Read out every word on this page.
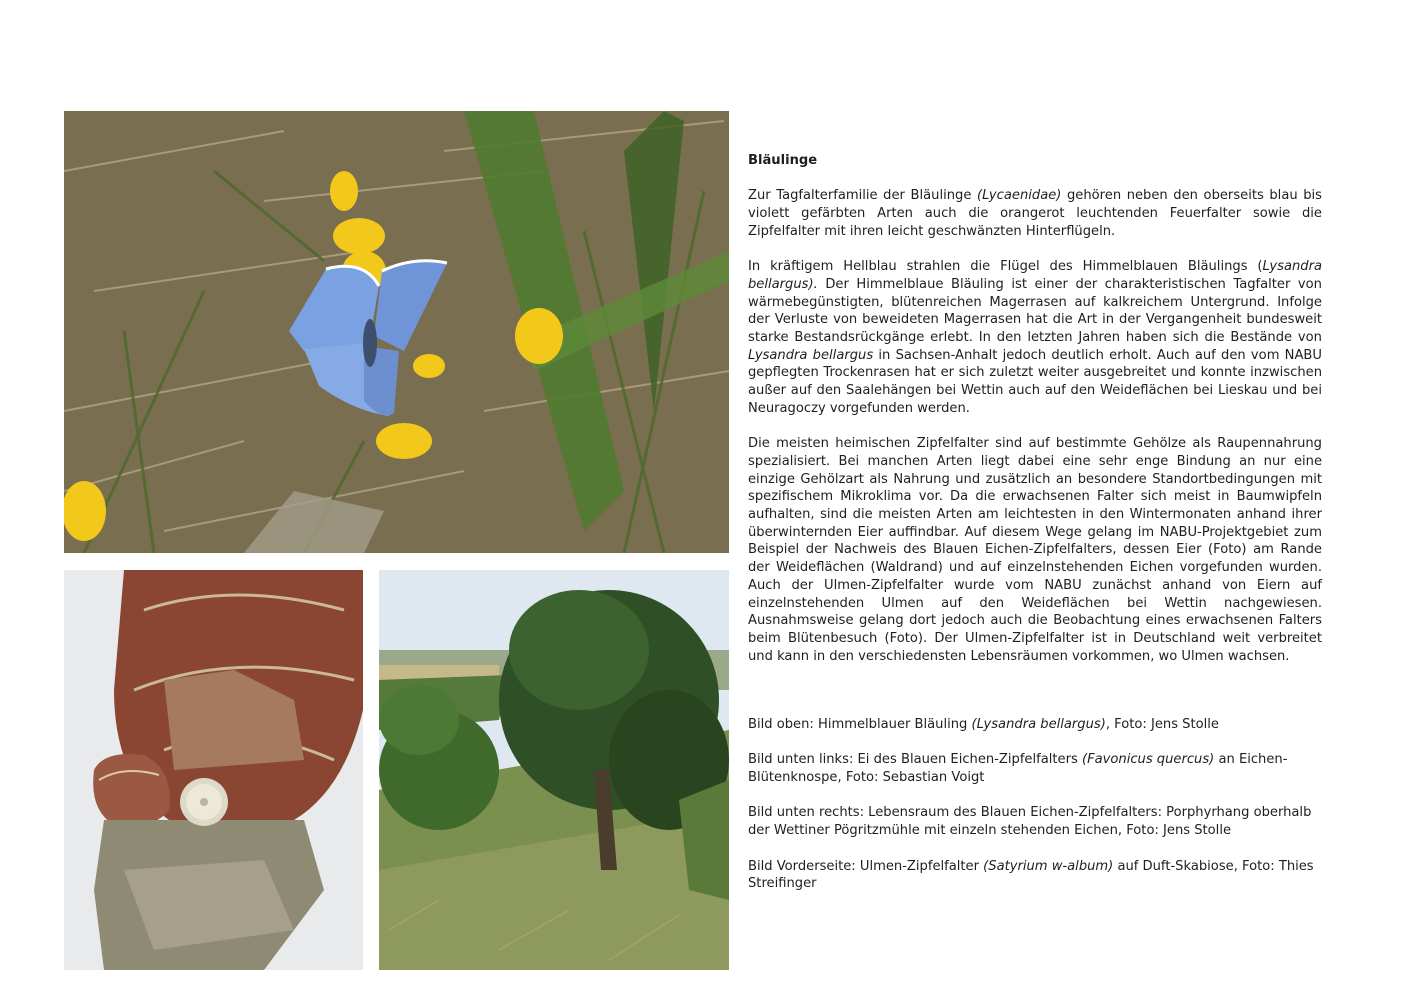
Bläulinge

Zur Tagfalterfamilie der Bläulinge (Lycaenidae) gehören neben den oberseits blau bis violett gefärbten Arten auch die orangerot leuchtenden Feuerfalter sowie die Zipfelfalter mit ihren leicht geschwänzten Hinterflügeln.

In kräftigem Hellblau strahlen die Flügel des Himmelblauen Bläulings (Lysandra bellargus). Der Himmelblaue Bläuling ist einer der charakteristischen Tagfalter von wärmebegünstigten, blütenreichen Magerrasen auf kalkreichem Untergrund. Infolge der Verluste von beweideten Magerrasen hat die Art in der Vergangenheit bundesweit starke Bestandsrückgänge erlebt. In den letzten Jahren haben sich die Bestände von Lysandra bellargus in Sachsen-Anhalt jedoch deutlich erholt. Auch auf den vom NABU gepflegten Trockenrasen hat er sich zuletzt weiter ausgebreitet und konnte inzwischen außer auf den Saalehängen bei Wettin auch auf den Weideflächen bei Lieskau und bei Neuragoczy vorgefunden werden.

Die meisten heimischen Zipfelfalter sind auf bestimmte Gehölze als Raupennahrung spezialisiert. Bei manchen Arten liegt dabei eine sehr enge Bindung an nur eine einzige Gehölzart als Nahrung und zusätzlich an besondere Standortbedingungen mit spezifischem Mikroklima vor. Da die erwachsenen Falter sich meist in Baumwipfeln aufhalten, sind die meisten Arten am leichtesten in den Wintermonaten anhand ihrer überwinternden Eier auffindbar. Auf diesem Wege gelang im NABU-Projektgebiet zum Beispiel der Nachweis des Blauen Eichen-Zipfelfalters, dessen Eier (Foto) am Rande der Weideflächen (Waldrand) und auf einzelnstehenden Eichen vorgefunden wurden. Auch der Ulmen-Zipfelfalter wurde vom NABU zunächst anhand von Eiern auf einzelnstehenden Ulmen auf den Weideflächen bei Wettin nachgewiesen. Ausnahmsweise gelang dort jedoch auch die Beobachtung eines erwachsenen Falters beim Blütenbesuch (Foto). Der Ulmen-Zipfelfalter ist in Deutschland weit verbreitet und kann in den verschiedensten Lebensräumen vorkommen, wo Ulmen wachsen.

Bild oben: Himmelblauer Bläuling (Lysandra bellargus), Foto: Jens Stolle

Bild unten links: Ei des Blauen Eichen-Zipfelfalters (Favonicus quercus) an Eichen-Blütenknospe, Foto: Sebastian Voigt

Bild unten rechts: Lebensraum des Blauen Eichen-Zipfelfalters: Porphyrhang oberhalb der Wettiner Pögritzmühle mit einzeln stehenden Eichen, Foto: Jens Stolle

Bild Vorderseite: Ulmen-Zipfelfalter (Satyrium w-album) auf Duft-Skabiose, Foto: Thies Streifinger
